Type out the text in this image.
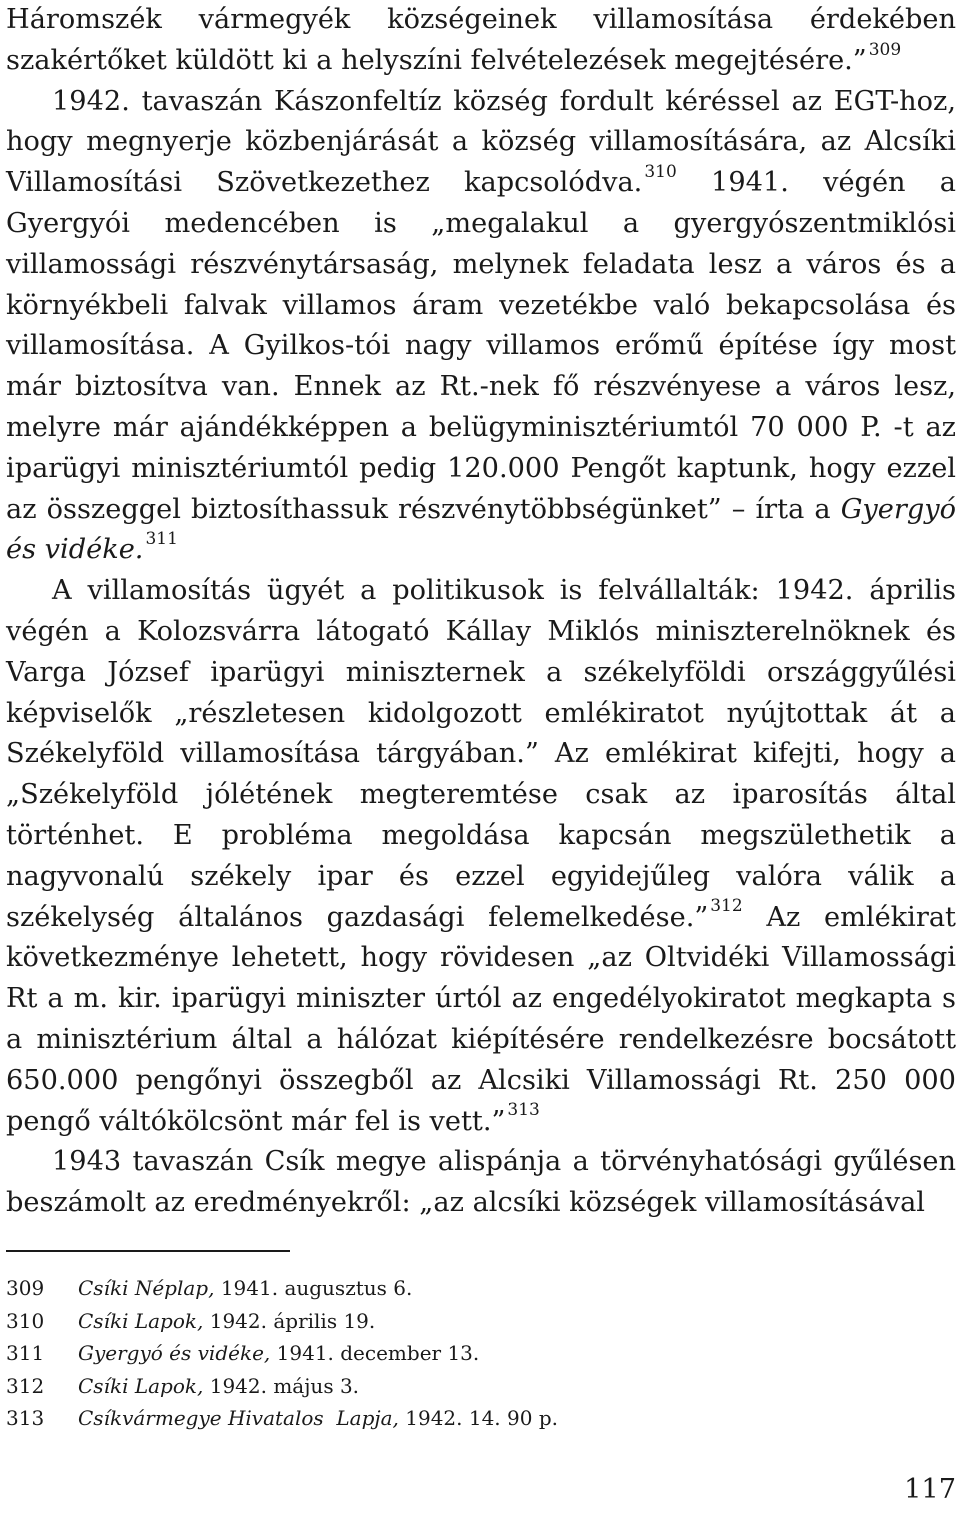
Háromszék vármegyék községeinek villamosítása érdekében szakértőket küldött ki a helyszíni felvételezések megejtésére.” $^{309}$

1942. tavaszán Kászonfeltíz község fordult kéréssel az EGT-hoz, hogy megnyerje közbenjárását a község villamosítására, az Alcsíki Villamosítási Szövetkezethez kapcsolódva. $^{310}$ 1941. végén a Gyergyói medencében is „megalakul a gyergyószentmiklósi villamossági részvénytársaság, melynek feladata lesz a város és a környékbeli falvak villamos áram vezetékbe való bekapcsolása és villamosítása. A Gyilkos-tói nagy villamos erőmű építése így most már biztosítva van. Ennek az Rt.-nek fő részvényese a város lesz, melyre már ajándékképpen a belügyminisztériumtól 70 000 P. -t az iparügyi minisztériumtól pedig 120.000 Pengőt kaptunk, hogy ezzel az összeggel biztosíthassuk részvénytöbbségünket” – írta a Gyergyó és vidéke. $^{311}$

A villamosítás ügyét a politikusok is felvállalták: 1942. április végén a Kolozsvárra látogató Kállay Miklós miniszterelnöknek és Varga József iparügyi miniszternek a székelyföldi országgyűlési képviselők „részletesen kidolgozott emlékiratot nyújtottak át a Székelyföld villamosítása tárgyában.” Az emlékirat kifejti, hogy a „Székelyföld jólétének megteremtése csak az iparosítás által történhet. E probléma megoldása kapcsán megszülethetik a nagyvonalú székely ipar és ezzel egyidejűleg valóra válik a székelység általános gazdasági felemelkedése.” $^{312}$ Az emlékirat következménye lehetett, hogy rövidesen „az Oltvidéki Villamossági Rt a m. kir. iparügyi miniszter úrtól az engedélyokiratot megkapta s a minisztérium által a hálózat kiépítésére rendelkezésre bocsátott 650.000 pengőnyi összegből az Alcsiki Villamossági Rt. 250 000 pengő váltókölcsönt már fel is vett.” $^{313}$

1943 tavaszán Csík megye alispánja a törvényhatósági gyűlésen beszámolt az eredményekről: „az alcsíki községek villamosításával

309	Csíki Néplap, 1941. augusztus 6.
310	Csíki Lapok, 1942. április 19.
311	Gyergyó és vidéke, 1941. december 13.
312	Csíki Lapok, 1942. május 3.
313	Csíkvármegye Hivatalos  Lapja, 1942. 14. 90 p.
117
